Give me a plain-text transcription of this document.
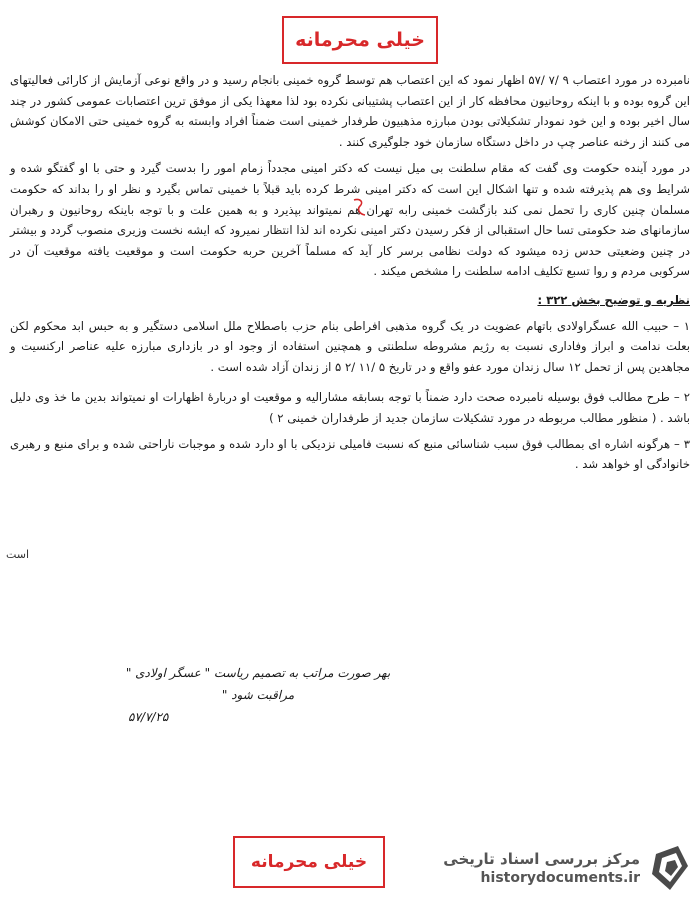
خیلی محرمانه

نامبرده در مورد اعتصاب ۹ /۷ /۵۷ اظهار نمود که این اعتصاب هم توسط گروه خمینی بانجام رسید و در واقع نوعی آزمایش از کارائی فعالیتهای این گروه بوده و با اینکه روحانیون محافظه کار از این اعتصاب پشتیبانی نکرده بود لذا معهذا یکی از موفق ترین اعتصابات عمومی کشور در چند سال اخیر بوده و این خود نمودار تشکیلاتی بودن مبارزه مذهبیون طرفدار خمینی است ضمناً افراد وابسته به گروه خمینی حتی الامکان کوشش می کنند از رخنه عناصر چپ در داخل دستگاه سازمان خود جلوگیری کنند .

در مورد آینده حکومت وی گفت که مقام سلطنت بی میل نیست که دکتر امینی مجدداً زمام امور را بدست گیرد و حتی با او گفتگو شده و شرایط وی هم پذیرفته شده و تنها اشکال این است که دکتر امینی شرط کرده باید قبلاً با خمینی تماس بگیرد و نظر او را بداند که حکومت مسلمان چنین کاری را تحمل نمی کند بازگشت خمینی رابه تهران هم نمیتواند بپذیرد و به همین علت و با توجه باینکه روحانیون و رهبران سازمانهای ضد حکومتی تسا حال استقبالی از فکر رسیدن دکتر امینی نکرده اند لذا انتظار نمیرود که ایشه نخست وزیری منصوب گردد و بیشتر در چنین وضعیتی حدس زده میشود که دولت نظامی برسر کار آید که مسلماً آخرین حربه حکومت است و موقعیت یافته موقعیت آن در سرکوبی مردم و روا تسبع تکلیف ادامه سلطنت را مشخص میکند .

نظریه و توضیح بخش ۳۲۲ :

۱ – حبیب الله عسگراولادی باتهام عضویت در یک گروه مذهبی افراطی بنام حزب باصطلاح ملل اسلامی دستگیر و به حبس ابد محکوم لکن بعلت ندامت و ابراز وفاداری نسبت به رژیم مشروطه سلطنتی و همچنین استفاده از وجود او در بازداری مبارزه علیه عناصر ارکنسیت و مجاهدین پس از تحمل ۱۲ سال زندان مورد عفو واقع و در تاریخ ۵ /۱۱ /۲ ۵ از زندان آزاد شده است .

۲ – طرح مطالب فوق بوسیله نامبرده صحت دارد ضمناً با توجه بسابقه مشارالیه و موقعیت او دربارۀ اظهارات او نمیتواند بدین ما خذ وی دلیل باشد . ( منظور مطالب مربوطه در مورد تشکیلات سازمان جدید از طرفداران خمینی ۲ )

۳ – هرگونه اشاره ای بمطالب فوق سبب شناسائی منبع که نسبت فامیلی نزدیکی با او دارد شده و موجبات ناراحتی شده و برای منبع و رهبری خانوادگی او خواهد شد .

است
بهر صورت مراتب به تصمیم ریاست " عسگر اولادی " مراقبت شود "
۵۷/۷/۲۵
خیلی محرمانه	مرکز بررسی اسناد تاریخی
historydocuments.ir
